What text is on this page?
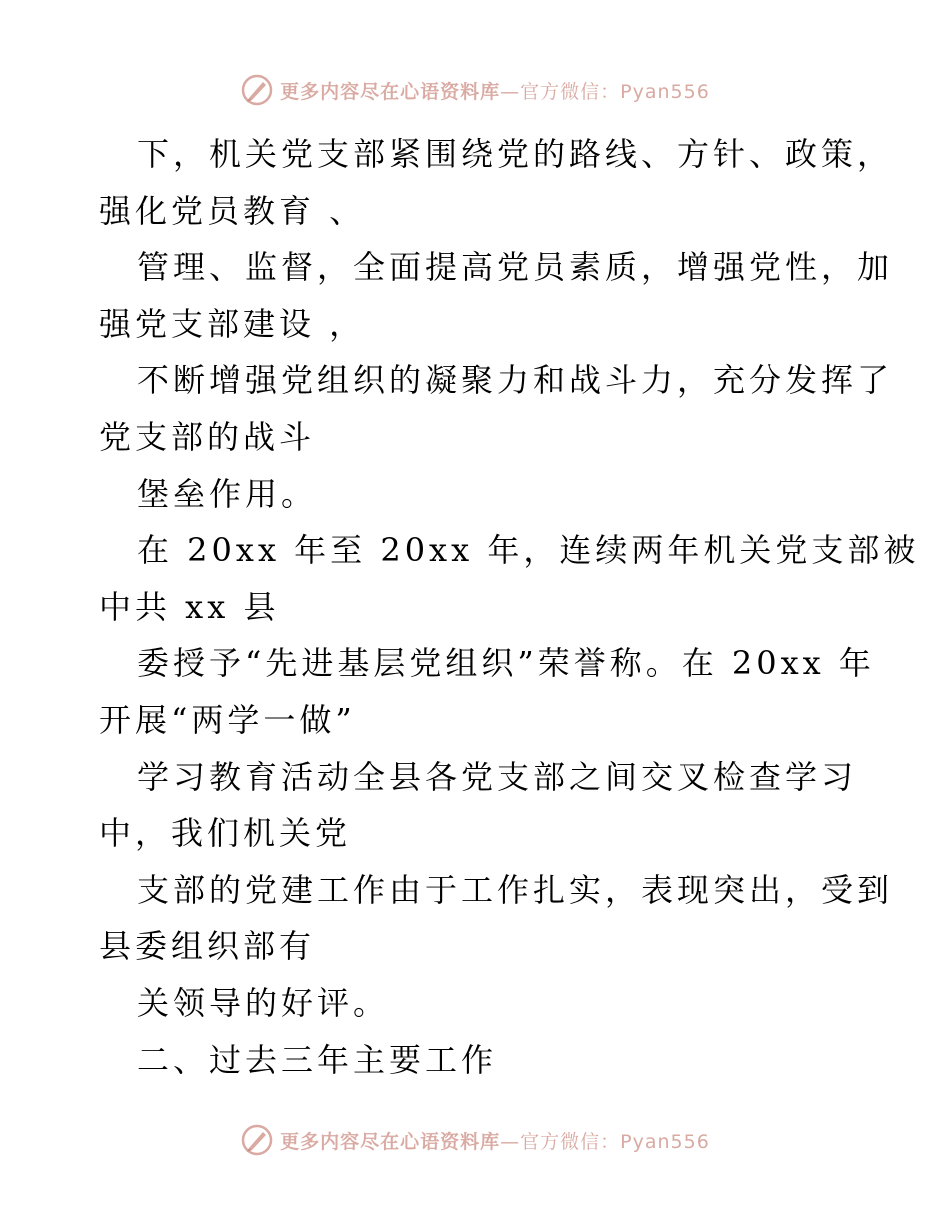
更多内容尽在心语资料库—官方微信：Pyan556
下，机关党支部紧围绕党的路线、方针、政策，
强化党员教育 、
管理、监督，全面提高党员素质，增强党性，加
强党支部建设 ，
不断增强党组织的凝聚力和战斗力，充分发挥了
党支部的战斗
堡垒作用。
在 20xx 年至 20xx 年，连续两年机关党支部被
中共 xx 县
委授予“先进基层党组织”荣誉称。在 20xx 年
开展“两学一做”
学习教育活动全县各党支部之间交叉检查学习
中，我们机关党
支部的党建工作由于工作扎实，表现突出，受到
县委组织部有
关领导的好评。
二、过去三年主要工作
更多内容尽在心语资料库—官方微信：Pyan556
